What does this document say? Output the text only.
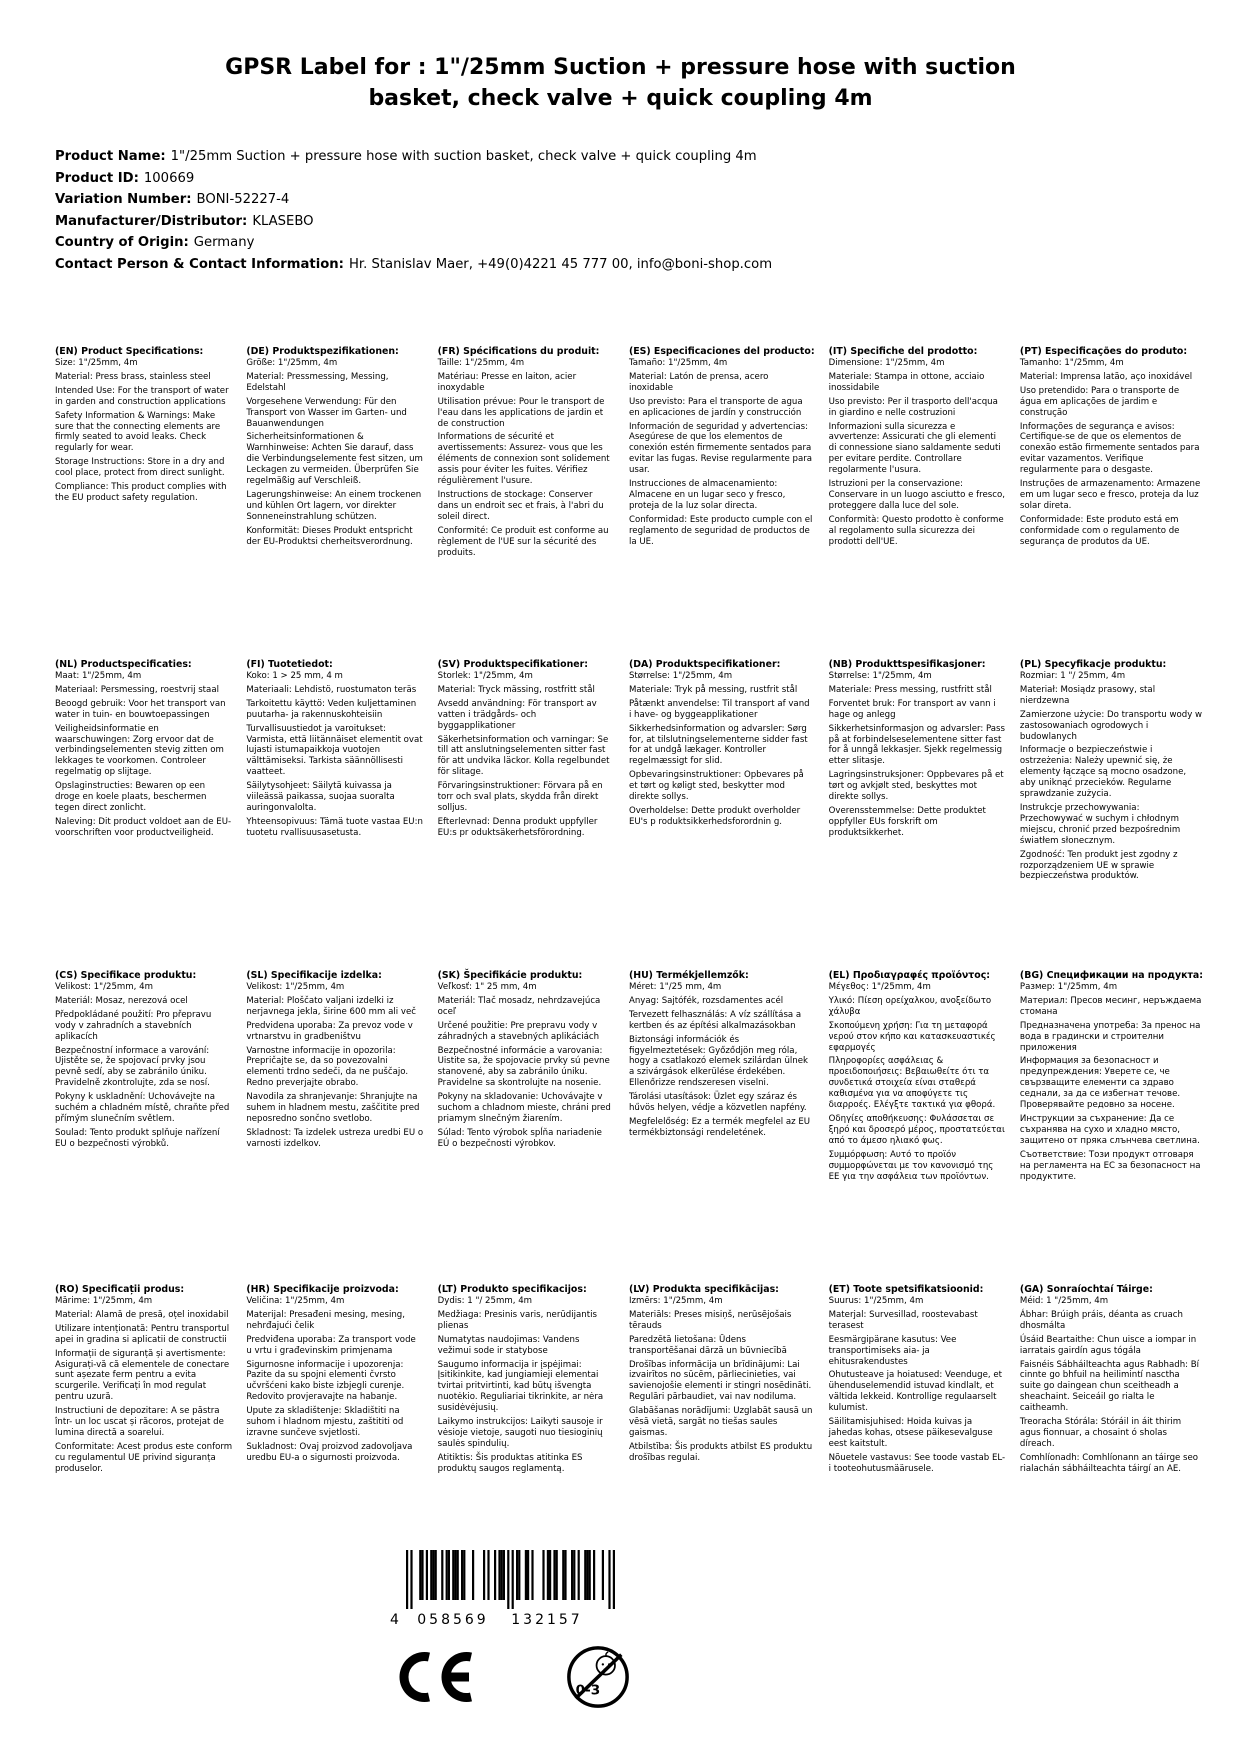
GPSR Label for : 1"/25mm Suction + pressure hose with suction
basket, check valve + quick coupling 4m
Product Name: 1"/25mm Suction + pressure hose with suction basket, check valve + quick coupling 4m
Product ID: 100669
Variation Number: BONI-52227-4
Manufacturer/Distributor: KLASEBO
Country of Origin: Germany
Contact Person & Contact Information: Hr. Stanislav Maer, +49(0)4221 45 777 00, info@boni-shop.com
(EN) Product Specifications:

Size: 1"/25mm, 4m

Material: Press brass, stainless steel

Intended Use: For the transport of water in garden and construction applications

Safety Information & Warnings: Make sure that the connecting elements are firmly seated to avoid leaks. Check regularly for wear.

Storage Instructions: Store in a dry and cool place, protect from direct sunlight.

Compliance: This product complies with the EU product safety regulation.

(DE) Produktspezifikationen:

Größe: 1"/25mm, 4m

Material: Pressmessing, Messing, Edelstahl

Vorgesehene Verwendung: Für den Transport von Wasser im Garten- und Bauanwendungen

Sicherheitsinformationen & Warnhinweise: Achten Sie darauf, dass die Verbindungselemente fest sitzen, um Leckagen zu vermeiden. Überprüfen Sie regelmäßig auf Verschleiß.

Lagerungshinweise: An einem trockenen und kühlen Ort lagern, vor direkter Sonneneinstrahlung schützen.

Konformität: Dieses Produkt entspricht der EU-Produktsi cherheitsverordnung.

(FR) Spécifications du produit:

Taille: 1"/25mm, 4m

Matériau: Presse en laiton, acier inoxydable

Utilisation prévue: Pour le transport de l'eau dans les applications de jardin et de construction

Informations de sécurité et avertissements: Assurez- vous que les éléments de connexion sont solidement assis pour éviter les fuites. Vérifiez régulièrement l'usure.

Instructions de stockage: Conserver dans un endroit sec et frais, à l'abri du soleil direct.

Conformité: Ce produit est conforme au règlement de l'UE sur la sécurité des produits.

(ES) Especificaciones del producto:

Tamaño: 1"/25mm, 4m

Material: Latón de prensa, acero inoxidable

Uso previsto: Para el transporte de agua en aplicaciones de jardín y construcción

Información de seguridad y advertencias: Asegúrese de que los elementos de conexión estén firmemente sentados para evitar las fugas. Revise regularmente para usar.

Instrucciones de almacenamiento: Almacene en un lugar seco y fresco, proteja de la luz solar directa.

Conformidad: Este producto cumple con el reglamento de seguridad de productos de la UE.

(IT) Specifiche del prodotto:

Dimensione: 1"/25mm, 4m

Materiale: Stampa in ottone, acciaio inossidabile

Uso previsto: Per il trasporto dell'acqua in giardino e nelle costruzioni

Informazioni sulla sicurezza e avvertenze: Assicurati che gli elementi di connessione siano saldamente seduti per evitare perdite. Controllare regolarmente l'usura.

Istruzioni per la conservazione: Conservare in un luogo asciutto e fresco, proteggere dalla luce del sole.

Conformità: Questo prodotto è conforme al regolamento sulla sicurezza dei prodotti dell'UE.

(PT) Especificações do produto:

Tamanho: 1"/25mm, 4m

Material: Imprensa latão, aço inoxidável

Uso pretendido: Para o transporte de água em aplicações de jardim e construção

Informações de segurança e avisos: Certifique-se de que os elementos de conexão estão firmemente sentados para evitar vazamentos. Verifique regularmente para o desgaste.

Instruções de armazenamento: Armazene em um lugar seco e fresco, proteja da luz solar direta.

Conformidade: Este produto está em conformidade com o regulamento de segurança de produtos da UE.

(NL) Productspecificaties:

Maat: 1"/25mm, 4m

Materiaal: Persmessing, roestvrij staal

Beoogd gebruik: Voor het transport van water in tuin- en bouwtoepassingen

Veiligheidsinformatie en waarschuwingen: Zorg ervoor dat de verbindingselementen stevig zitten om lekkages te voorkomen. Controleer regelmatig op slijtage.

Opslaginstructies: Bewaren op een droge en koele plaats, beschermen tegen direct zonlicht.

Naleving: Dit product voldoet aan de EU- voorschriften voor productveiligheid.

(FI) Tuotetiedot:

Koko: 1 > 25 mm, 4 m

Materiaali: Lehdistö, ruostumaton teräs

Tarkoitettu käyttö: Veden kuljettaminen puutarha- ja rakennuskohteisiin

Turvallisuustiedot ja varoitukset: Varmista, että liitännäiset elementit ovat lujasti istumapaikkoja vuotojen välttämiseksi. Tarkista säännöllisesti vaatteet.

Säilytysohjeet: Säilytä kuivassa ja viileässä paikassa, suojaa suoralta auringonvalolta.

Yhteensopivuus: Tämä tuote vastaa EU:n tuotetu rvallisuusasetusta.

(SV) Produktspecifikationer:

Storlek: 1"/25mm, 4m

Material: Tryck mässing, rostfritt stål

Avsedd användning: För transport av vatten i trädgårds- och byggapplikationer

Säkerhetsinformation och varningar: Se till att anslutningselementen sitter fast för att undvika läckor. Kolla regelbundet för slitage.

Förvaringsinstruktioner: Förvara på en torr och sval plats, skydda från direkt solljus.

Efterlevnad: Denna produkt uppfyller EU:s pr oduktsäkerhetsförordning.

(DA) Produktspecifikationer:

Størrelse: 1"/25mm, 4m

Materiale: Tryk på messing, rustfrit stål

Påtænkt anvendelse: Til transport af vand i have- og byggeapplikationer

Sikkerhedsinformation og advarsler: Sørg for, at tilslutningselementerne sidder fast for at undgå lækager. Kontroller regelmæssigt for slid.

Opbevaringsinstruktioner: Opbevares på et tørt og køligt sted, beskytter mod direkte sollys.

Overholdelse: Dette produkt overholder EU's p roduktsikkerhedsforordnin g.

(NB) Produkttspesifikasjoner:

Størrelse: 1"/25mm, 4m

Materiale: Press messing, rustfritt stål

Forventet bruk: For transport av vann i hage og anlegg

Sikkerhetsinformasjon og advarsler: Pass på at forbindelseselementene sitter fast for å unngå lekkasjer. Sjekk regelmessig etter slitasje.

Lagringsinstruksjoner: Oppbevares på et tørt og avkjølt sted, beskyttes mot direkte sollys.

Overensstemmelse: Dette produktet oppfyller EUs forskrift om produktsikkerhet.

(PL) Specyfikacje produktu:

Rozmiar: 1 "/ 25mm, 4m

Materiał: Mosiądz prasowy, stal nierdzewna

Zamierzone użycie: Do transportu wody w zastosowaniach ogrodowych i budowlanych

Informacje o bezpieczeństwie i ostrzeżenia: Należy upewnić się, że elementy łączące są mocno osadzone, aby uniknąć przecieków. Regularne sprawdzanie zużycia.

Instrukcje przechowywania: Przechowywać w suchym i chłodnym miejscu, chronić przed bezpośrednim światłem słonecznym.

Zgodność: Ten produkt jest zgodny z rozporządzeniem UE w sprawie bezpieczeństwa produktów.

(CS) Specifikace produktu:

Velikost: 1"/25mm, 4m

Materiál: Mosaz, nerezová ocel

Předpokládané použití: Pro přepravu vody v zahradních a stavebních aplikacích

Bezpečnostní informace a varování: Ujistěte se, že spojovací prvky jsou pevně sedí, aby se zabránilo úniku. Pravidelně zkontrolujte, zda se nosí.

Pokyny k uskladnění: Uchovávejte na suchém a chladném místě, chraňte před přímým slunečním světlem.

Soulad: Tento produkt splňuje nařízení EU o bezpečnosti výrobků.

(SL) Specifikacije izdelka:

Velikost: 1"/25mm, 4m

Material: Ploščato valjani izdelki iz nerjavnega jekla, širine 600 mm ali več

Predvidena uporaba: Za prevoz vode v vrtnarstvu in gradbeništvu

Varnostne informacije in opozorila: Prepričajte se, da so povezovalni elementi trdno sedeči, da ne puščajo. Redno preverjajte obrabo.

Navodila za shranjevanje: Shranjujte na suhem in hladnem mestu, zaščitite pred neposredno sončno svetlobo.

Skladnost: Ta izdelek ustreza uredbi EU o varnosti izdelkov.

(SK) Špecifikácie produktu:

Veľkosť: 1" 25 mm, 4m

Materiál: Tlač mosadz, nehrdzavejúca oceľ

Určené použitie: Pre prepravu vody v záhradných a stavebných aplikáciách

Bezpečnostné informácie a varovania: Uistite sa, že spojovacie prvky sú pevne stanovené, aby sa zabránilo úniku. Pravidelne sa skontrolujte na nosenie.

Pokyny na skladovanie: Uchovávajte v suchom a chladnom mieste, chráni pred priamym slnečným žiarením.

Súlad: Tento výrobok spĺňa nariadenie EÚ o bezpečnosti výrobkov.

(HU) Termékjellemzők:

Méret: 1"/25 mm, 4m

Anyag: Sajtófék, rozsdamentes acél

Tervezett felhasználás: A víz szállítása a kertben és az építési alkalmazásokban

Biztonsági információk és figyelmeztetések: Győződjön meg róla, hogy a csatlakozó elemek szilárdan ülnek a szivárgások elkerülése érdekében. Ellenőrizze rendszeresen viselni.

Tárolási utasítások: Üzlet egy száraz és hűvös helyen, védje a közvetlen napfény.

Megfelelőség: Ez a termék megfelel az EU termékbiztonsági rendeletének.

(EL) Προδιαγραφές προϊόντος:

Μέγεθος: 1"/25mm, 4m

Υλικό: Πίεση ορείχαλκου, ανοξείδωτο χάλυβα

Σκοπούμενη χρήση: Για τη μεταφορά νερού στον κήπο και κατασκευαστικές εφαρμογές

Πληροφορίες ασφάλειας & προειδοποιήσεις: Βεβαιωθείτε ότι τα συνδετικά στοιχεία είναι σταθερά καθισμένα για να αποφύγετε τις διαρροές. Ελέγξτε τακτικά για φθορά.

Οδηγίες αποθήκευσης: Φυλάσσεται σε ξηρό και δροσερό μέρος, προστατεύεται από το άμεσο ηλιακό φως.

Συμμόρφωση: Αυτό το προϊόν συμμορφώνεται με τον κανονισμό της ΕΕ για την ασφάλεια των προϊόντων.

(BG) Спецификации на продукта:

Размер: 1"/25mm, 4m

Материал: Пресов месинг, неръждаема стомана

Предназначена употреба: За пренос на вода в градински и строителни приложения

Информация за безопасност и предупреждения: Уверете се, че свързващите елементи са здраво седнали, за да се избегнат течове. Проверявайте редовно за носене.

Инструкции за съхранение: Да се съхранява на сухо и хладно място, защитено от пряка слънчева светлина.

Съответствие: Този продукт отговаря на регламента на ЕС за безопасност на продуктите.

(RO) Specificații produs:

Mărime: 1"/25mm, 4m

Material: Alamă de presă, oțel inoxidabil

Utilizare intenționată: Pentru transportul apei in gradina si aplicatii de constructii

Informații de siguranță și avertismente: Asigurați-vă că elementele de conectare sunt așezate ferm pentru a evita scurgerile. Verificați în mod regulat pentru uzură.

Instructiuni de depozitare: A se păstra într- un loc uscat și răcoros, protejat de lumina directă a soarelui.

Conformitate: Acest produs este conform cu regulamentul UE privind siguranța produselor.

(HR) Specifikacije proizvoda:

Veličina: 1"/25mm, 4m

Materijal: Presađeni mesing, mesing, nehrđajući čelik

Predviđena uporaba: Za transport vode u vrtu i građevinskim primjenama

Sigurnosne informacije i upozorenja: Pazite da su spojni elementi čvrsto učvršćeni kako biste izbjegli curenje. Redovito provjeravajte na habanje.

Upute za skladištenje: Skladištiti na suhom i hladnom mjestu, zaštititi od izravne sunčeve svjetlosti.

Sukladnost: Ovaj proizvod zadovoljava uredbu EU-a o sigurnosti proizvoda.

(LT) Produkto specifikacijos:

Dydis: 1 "/ 25mm, 4m

Medžiaga: Presinis varis, nerūdijantis plienas

Numatytas naudojimas: Vandens vežimui sode ir statybose

Saugumo informacija ir įspėjimai: Įsitikinkite, kad jungiamieji elementai tvirtai pritvirtinti, kad būtų išvengta nuotėkio. Reguliariai tikrinkite, ar nėra susidėvėjusių.

Laikymo instrukcijos: Laikyti sausoje ir vėsioje vietoje, saugoti nuo tiesioginių saulės spindulių.

Atitiktis: Šis produktas atitinka ES produktų saugos reglamentą.

(LV) Produkta specifikācijas:

Izmērs: 1"/25mm, 4m

Materiāls: Preses misiņš, nerūsējošais tērauds

Paredzētā lietošana: Ūdens transportēšanai dārzā un būvniecībā

Drošības informācija un brīdinājumi: Lai izvairītos no sūcēm, pārliecinieties, vai savienojošie elementi ir stingri nosēdināti. Regulāri pārbaudiet, vai nav nodiluma.

Glabāšanas norādījumi: Uzglabāt sausā un vēsā vietā, sargāt no tiešas saules gaismas.

Atbilstība: Šis produkts atbilst ES produktu drošības regulai.

(ET) Toote spetsifikatsioonid:

Suurus: 1"/25mm, 4m

Materjal: Survesillad, roostevabast terasest

Eesmärgipärane kasutus: Vee transportimiseks aia- ja ehitusrakendustes

Ohutusteave ja hoiatused: Veenduge, et ühenduselemendid istuvad kindlalt, et vältida lekkeid. Kontrollige regulaarselt kulumist.

Säilitamisjuhised: Hoida kuivas ja jahedas kohas, otsese päikesevalguse eest kaitstult.

Nõuetele vastavus: See toode vastab EL-i tooteohutusmäärusele.

(GA) Sonraíochtaí Táirge:

Méid: 1 "/25mm, 4m

Ábhar: Brúigh práis, déanta as cruach dhosmálta

Úsáid Beartaithe: Chun uisce a iompar in iarratais gairdín agus tógála

Faisnéis Sábháilteachta agus Rabhadh: Bí cinnte go bhfuil na heilimintí nasctha suite go daingean chun sceitheadh a sheachaint. Seiceáil go rialta le caitheamh.

Treoracha Stórála: Stóráil in áit thirim agus fionnuar, a chosaint ó sholas díreach.

Comhlíonadh: Comhlíonann an táirge seo rialachán sábháilteachta táirgí an AE.

4	058569	132157
0-3
